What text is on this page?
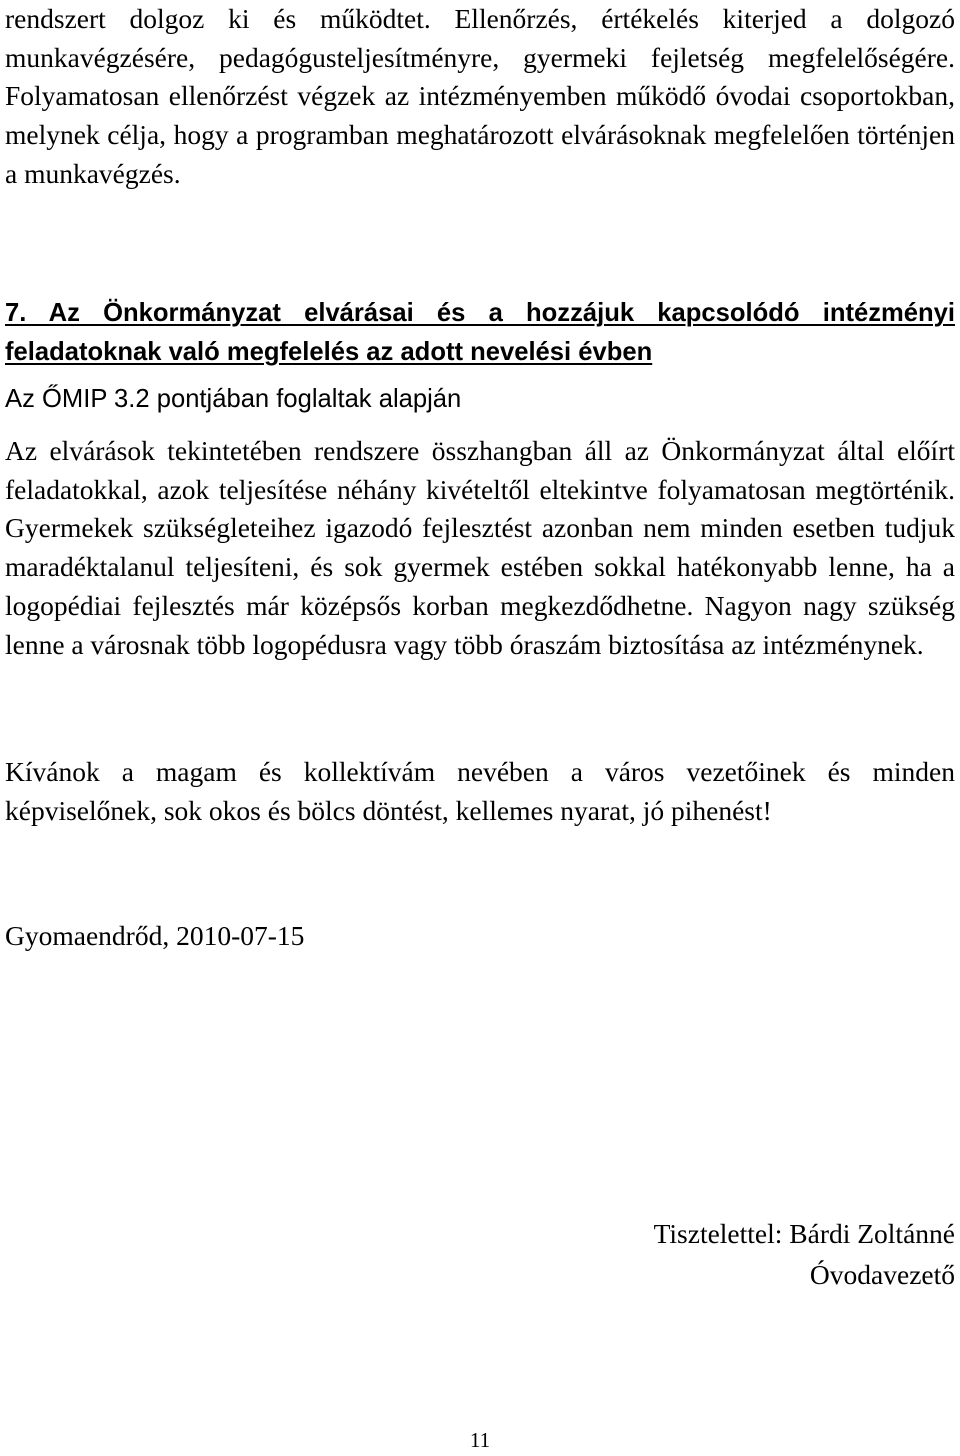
rendszert dolgoz ki és működtet. Ellenőrzés, értékelés kiterjed a dolgozó munkavégzésére, pedagógusteljesítményre, gyermeki fejletség megfelelőségére. Folyamatosan ellenőrzést végzek az intézményemben működő óvodai csoportokban, melynek célja, hogy a programban meghatározott elvárásoknak megfelelően történjen a munkavégzés.

7. Az Önkormányzat elvárásai és a hozzájuk kapcsolódó intézményi feladatoknak való megfelelés az adott nevelési évben

Az ŐMIP 3.2 pontjában foglaltak alapján

Az elvárások tekintetében rendszere összhangban áll az Önkormányzat által előírt feladatokkal, azok teljesítése néhány kivételtől eltekintve folyamatosan megtörténik. Gyermekek szükségleteihez igazodó fejlesztést azonban nem minden esetben tudjuk maradéktalanul teljesíteni, és sok gyermek estében sokkal hatékonyabb lenne, ha a logopédiai fejlesztés már középsős korban megkezdődhetne. Nagyon nagy szükség lenne a városnak több logopédusra vagy több óraszám biztosítása az intézménynek.

Kívánok a magam és kollektívám nevében a város vezetőinek és minden képviselőnek, sok okos és bölcs döntést, kellemes nyarat, jó pihenést!

Gyomaendrőd, 2010-07-15

Tisztelettel: Bárdi Zoltánné
Óvodavezető

11
